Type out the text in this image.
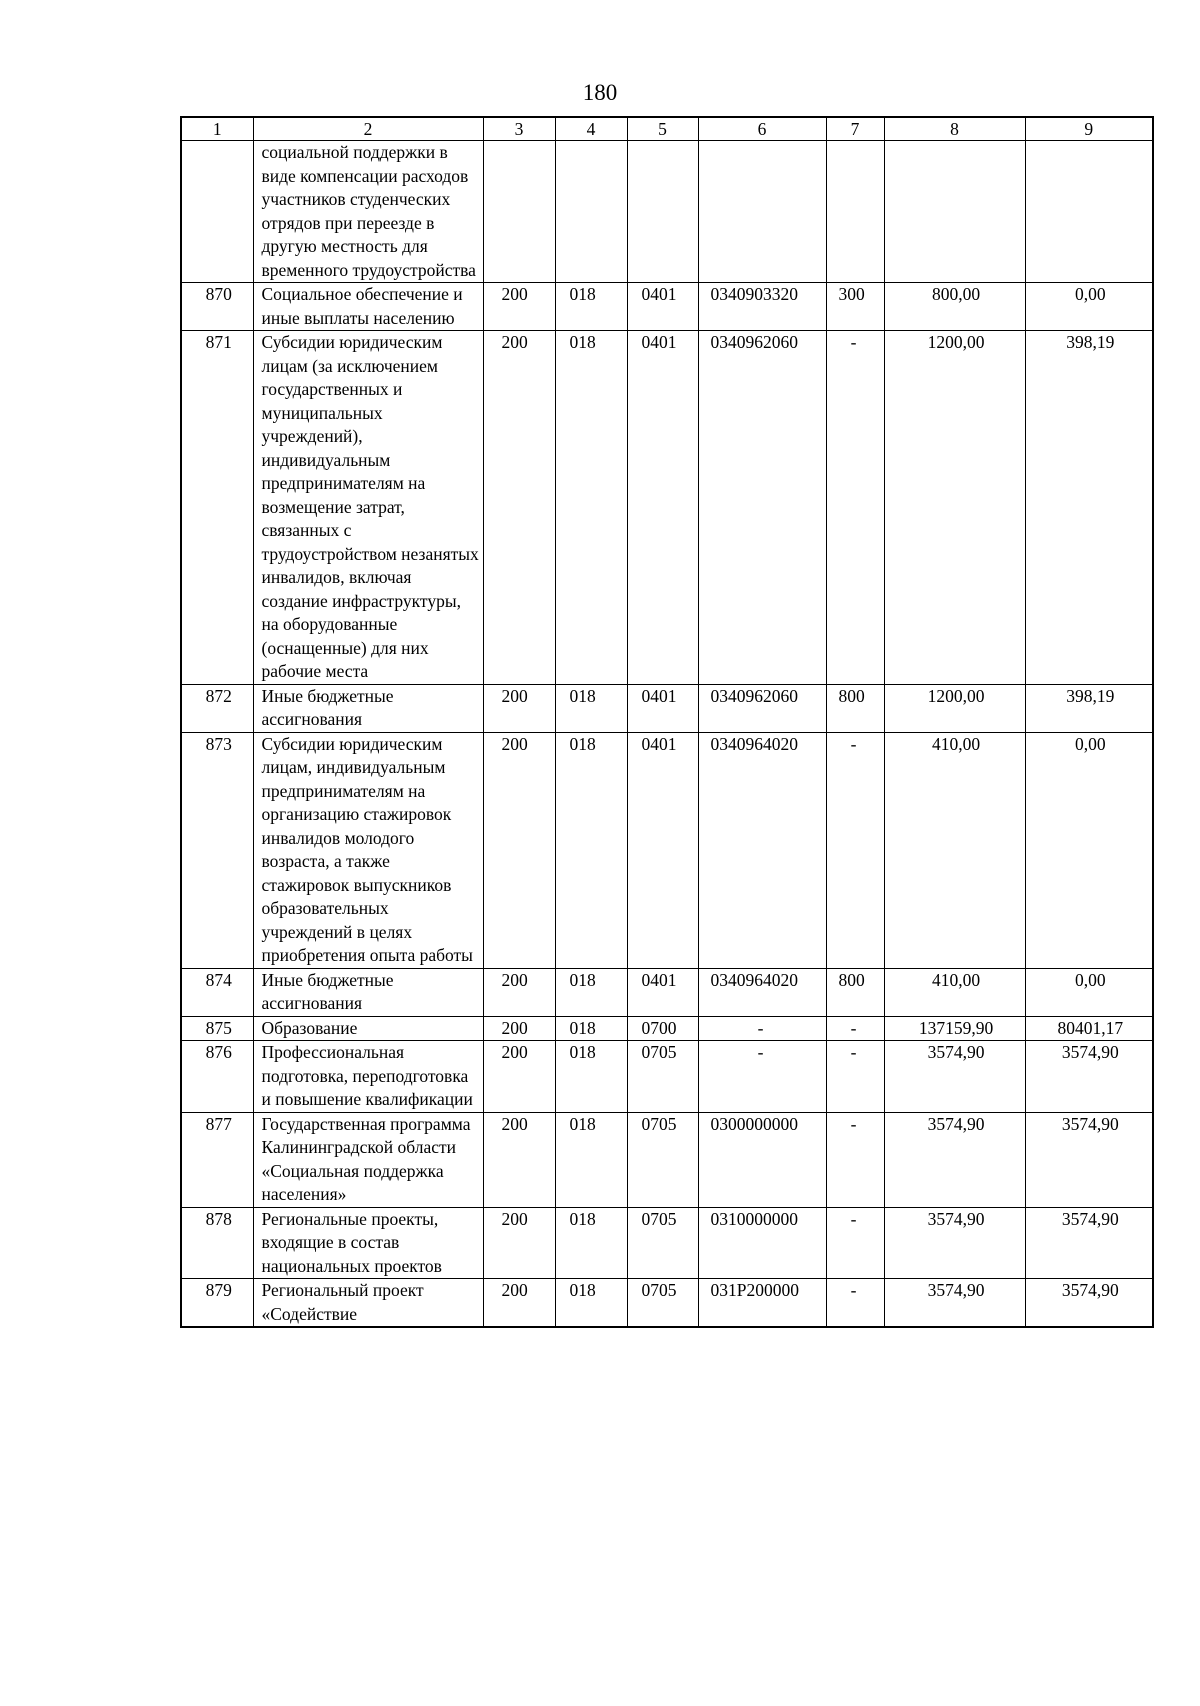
180
1	2	3	4	5	6	7	8	9
	социальной поддержки в виде компенсации расходов участников студенческих отрядов при переезде в другую местность для временного трудоустройства							
870	Социальное обеспечение и иные выплаты населению	200	018	0401	0340903320	300	800,00	0,00
871	Субсидии юридическим лицам (за исключением государственных и муниципальных учреждений), индивидуальным предпринимателям на возмещение затрат, связанных с трудоустройством незанятых инвалидов, включая создание инфраструктуры, на оборудованные (оснащенные) для них рабочие места	200	018	0401	0340962060	-	1200,00	398,19
872	Иные бюджетные ассигнования	200	018	0401	0340962060	800	1200,00	398,19
873	Субсидии юридическим лицам, индивидуальным предпринимателям на организацию стажировок инвалидов молодого возраста, а также стажировок выпускников образовательных учреждений в целях приобретения опыта работы	200	018	0401	0340964020	-	410,00	0,00
874	Иные бюджетные ассигнования	200	018	0401	0340964020	800	410,00	0,00
875	Образование	200	018	0700	-	-	137159,90	80401,17
876	Профессиональная подготовка, переподготовка и повышение квалификации	200	018	0705	-	-	3574,90	3574,90
877	Государственная программа Калининградской области «Социальная поддержка населения»	200	018	0705	0300000000	-	3574,90	3574,90
878	Региональные проекты, входящие в состав национальных проектов	200	018	0705	0310000000	-	3574,90	3574,90
879	Региональный проект «Содействие	200	018	0705	031P200000	-	3574,90	3574,90
